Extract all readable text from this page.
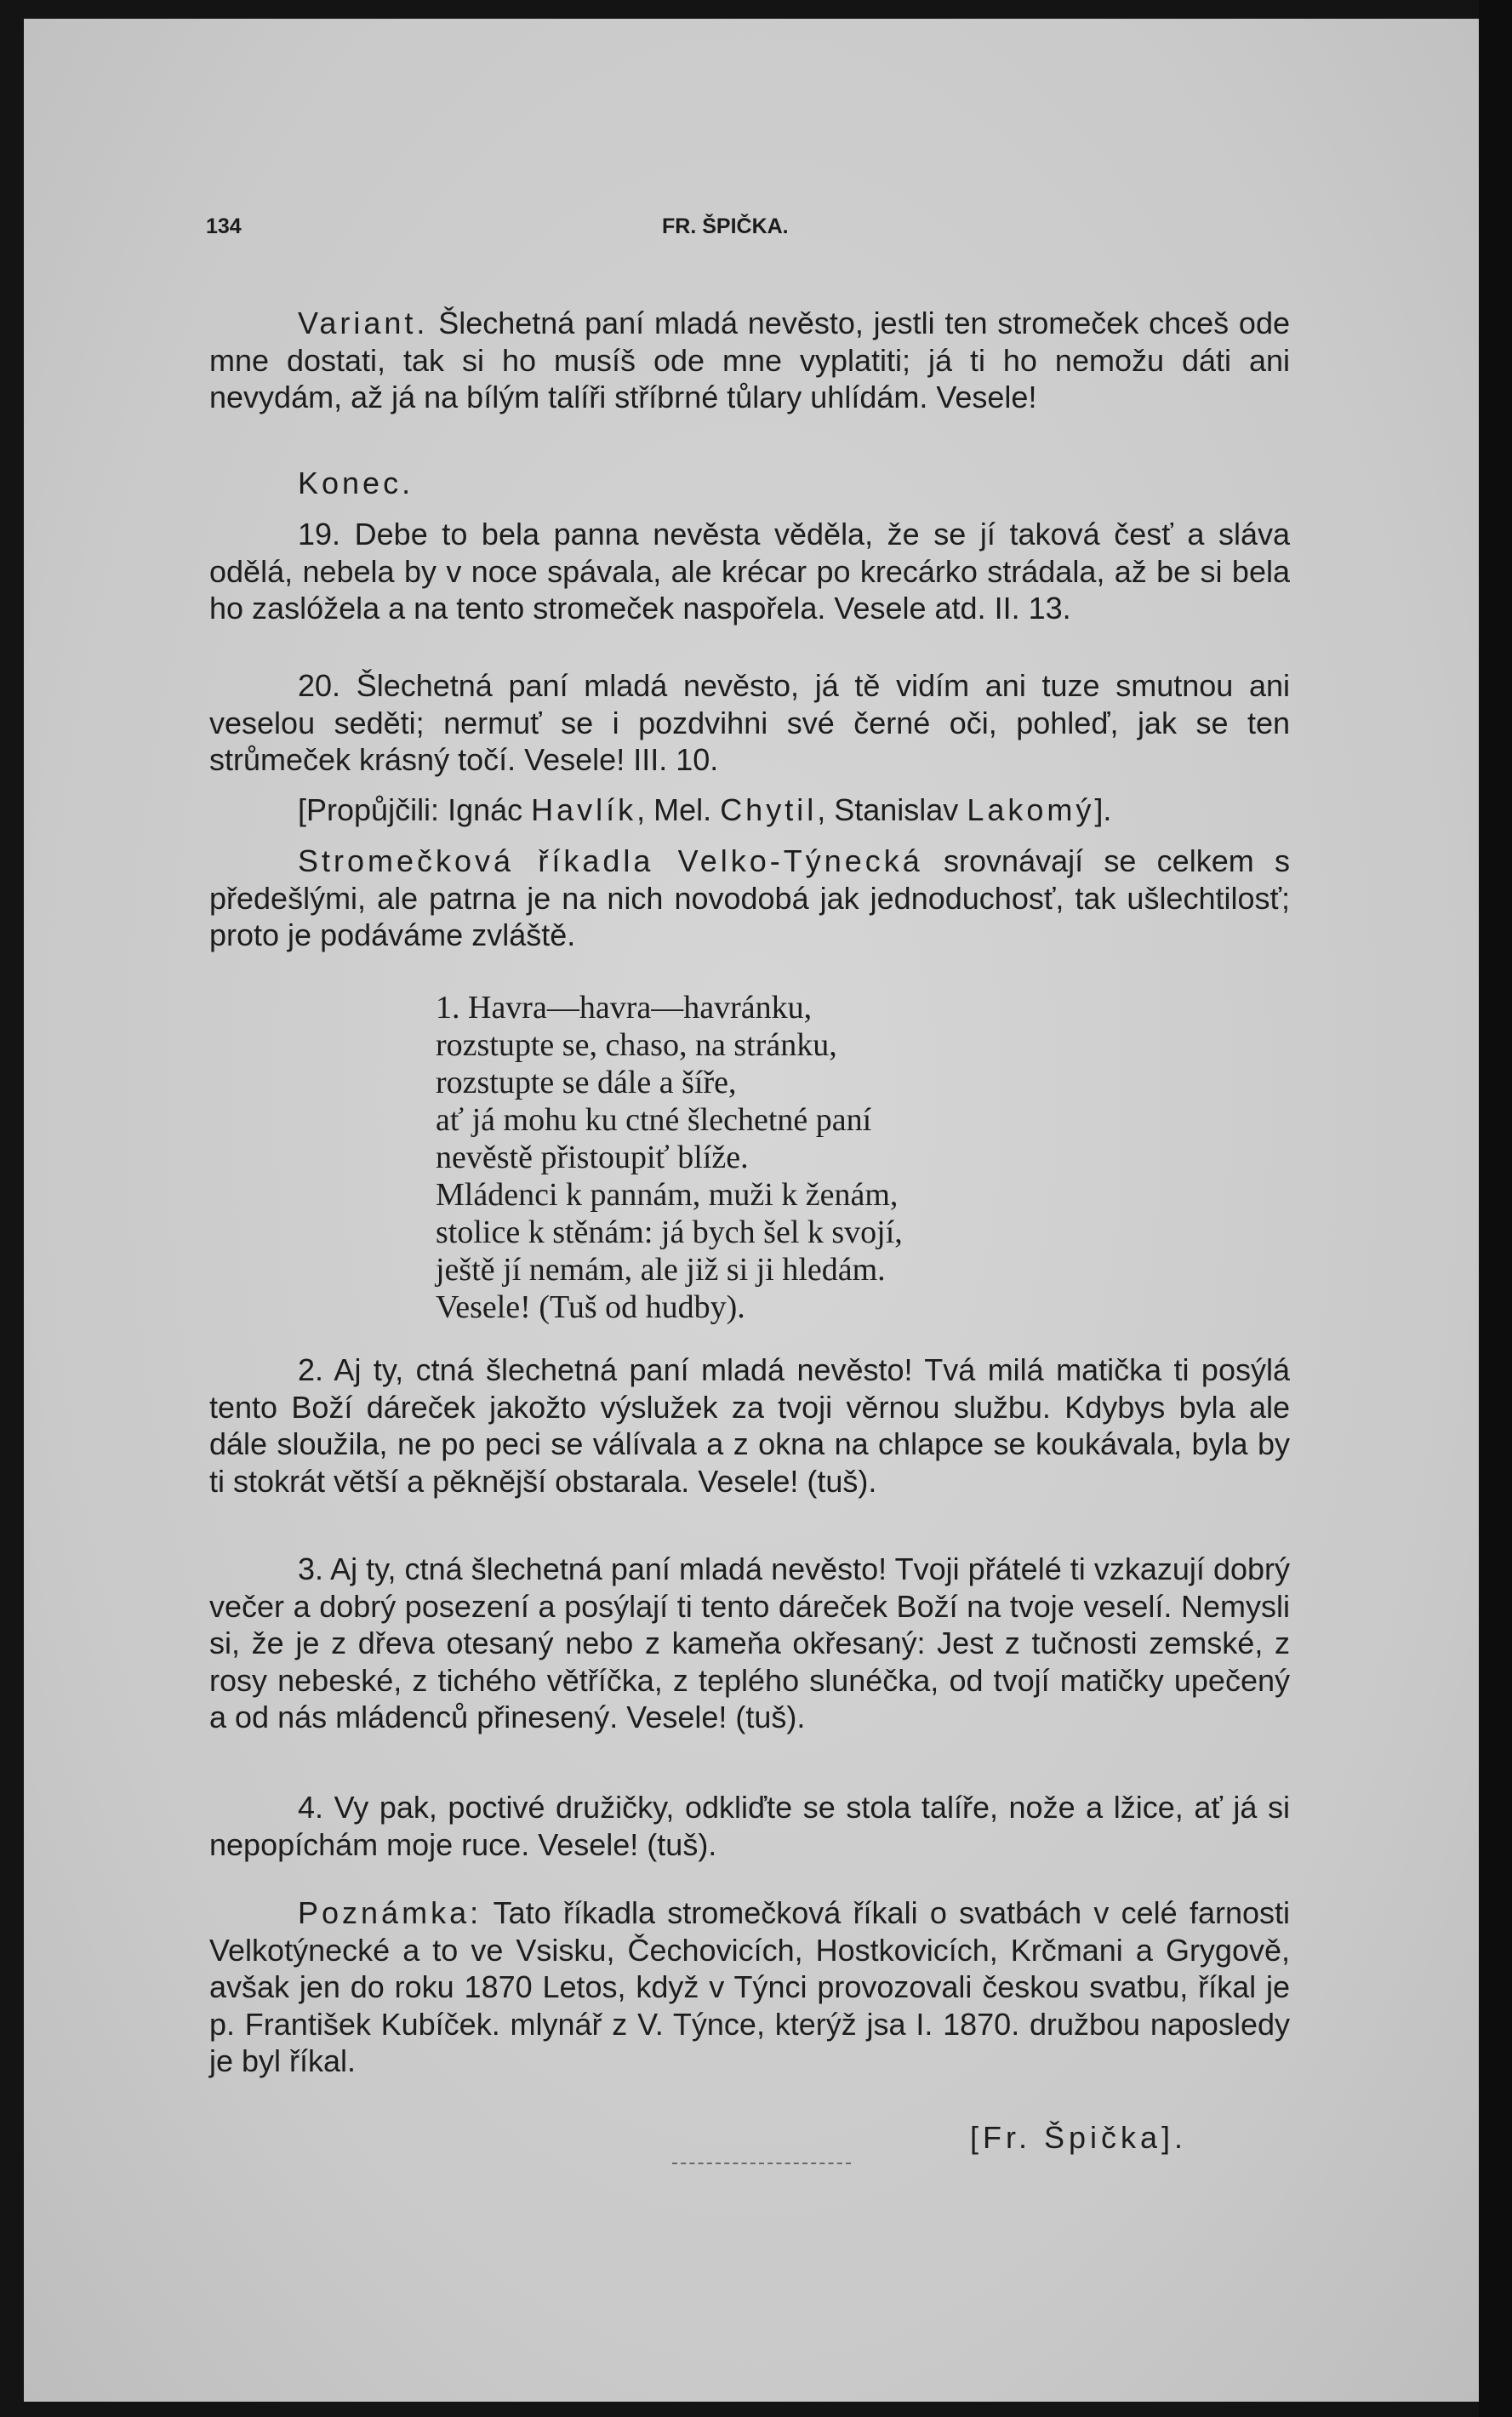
134	FR. ŠPIČKA.

Variant. Šlechetná paní mladá nevěsto, jestli ten stromeček chceš ode mne dostati, tak si ho musíš ode mne vyplatiti; já ti ho nemožu dáti ani nevydám, až já na bílým talíři stříbrné tůlary uhlídám. Vesele!

Konec.

19. Debe to bela panna nevěsta věděla, že se jí taková česť a sláva odělá, nebela by v noce spávala, ale krécar po krecárko strádala, až be si bela ho zaslóžela a na tento stromeček naspořela. Vesele atd. II. 13.

20. Šlechetná paní mladá nevěsto, já tě vidím ani tuze smutnou ani veselou seděti; nermuť se i pozdvihni své černé oči, pohleď, jak se ten strůmeček krásný točí. Vesele! III. 10.

[Propůjčili: Ignác Havlík, Mel. Chytil, Stanislav Lakomý].

Stromečková říkadla Velko-Týnecká srovnávají se celkem s předešlými, ale patrna je na nich novodobá jak jednoduchosť, tak ušlechtilosť; proto je podáváme zvláště.

1. Havra—havra—havránku,
rozstupte se, chaso, na stránku,
rozstupte se dále a šíře,
ať já mohu ku ctné šlechetné paní
nevěstě přistoupiť blíže.
Mládenci k pannám, muži k ženám,
stolice k stěnám: já bych šel k svojí,
ještě jí nemám, ale již si ji hledám.
Vesele! (Tuš od hudby).

2. Aj ty, ctná šlechetná paní mladá nevěsto! Tvá milá matička ti posýlá tento Boží dáreček jakožto výslužek za tvoji věrnou službu. Kdybys byla ale dále sloužila, ne po peci se válívala a z okna na chlapce se koukávala, byla by ti stokrát větší a pěknější obstarala. Vesele! (tuš).

3. Aj ty, ctná šlechetná paní mladá nevěsto! Tvoji přátelé ti vzkazují dobrý večer a dobrý posezení a posýlají ti tento dáreček Boží na tvoje veselí. Nemysli si, že je z dřeva otesaný nebo z kameňa okřesaný: Jest z tučnosti zemské, z rosy nebeské, z tichého větříčka, z teplého slunéčka, od tvojí matičky upečený a od nás mládenců přinesený. Vesele! (tuš).

4. Vy pak, poctivé družičky, odkliďte se stola talíře, nože a lžice, ať já si nepopíchám moje ruce. Vesele! (tuš).

Poznámka: Tato říkadla stromečková říkali o svatbách v celé farnosti Velkotýnecké a to ve Vsisku, Čechovicích, Hostkovicích, Krčmani a Grygově, avšak jen do roku 1870 Letos, když v Týnci provozovali českou svatbu, říkal je p. František Kubíček. mlynář z V. Týnce, kterýž jsa I. 1870. družbou naposledy je byl říkal.

[Fr. Špička].
